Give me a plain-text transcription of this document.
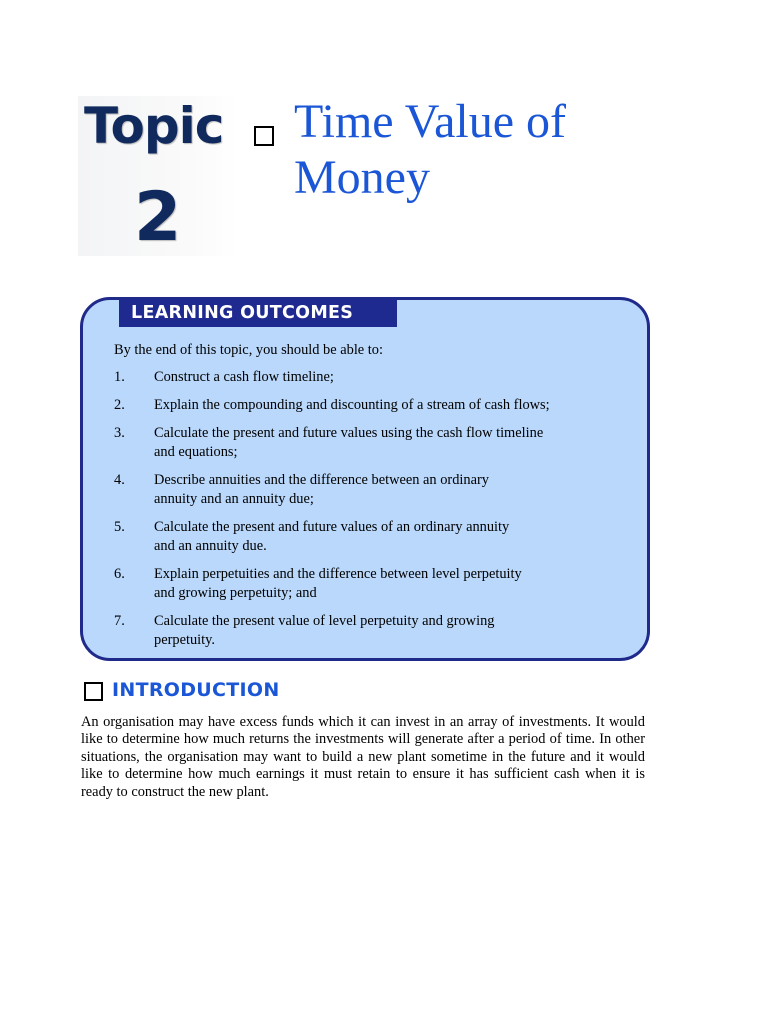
Topic
2
Time Value of Money
LEARNING OUTCOMES
By the end of this topic, you should be able to:
1.	Construct a cash flow timeline;
2.	Explain the compounding and discounting of a stream of cash flows;
3.	Calculate the present and future values using the cash flow timeline
and equations;
4.	Describe annuities and the difference between an ordinary
annuity and an annuity due;
5.	Calculate the present and future values of an ordinary annuity
and an annuity due.
6.	Explain perpetuities and the difference between level perpetuity
and growing perpetuity; and
7.	Calculate the present value of level perpetuity and growing
perpetuity.
INTRODUCTION

An organisation may have excess funds which it can invest in an array of investments. It would like to determine how much returns the investments will generate after a period of time. In other situations, the organisation may want to build a new plant sometime in the future and it would like to determine how much earnings it must retain to ensure it has sufficient cash when it is ready to construct the new plant.
